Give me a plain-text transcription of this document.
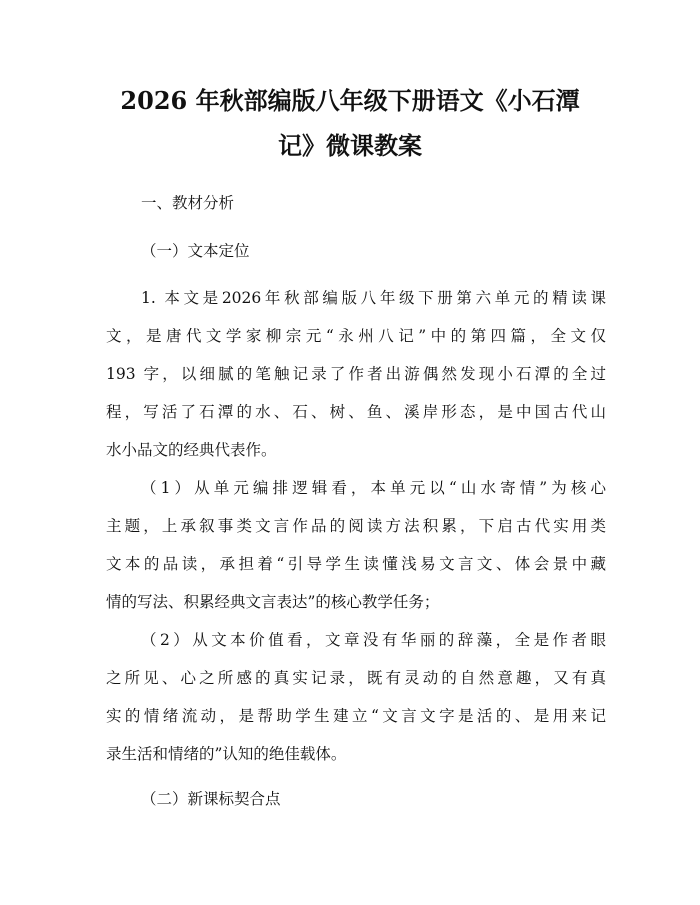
2026 年秋部编版八年级下册语文《小石潭
记》微课教案
一、教材分析
（一）文本定位
1. 本文是2026年秋部编版八年级下册第六单元的精读课
文，是唐代文学家柳宗元“永州八记”中的第四篇，全文仅
193 字，以细腻的笔触记录了作者出游偶然发现小石潭的全过
程，写活了石潭的水、石、树、鱼、溪岸形态，是中国古代山
水小品文的经典代表作。
（1）从单元编排逻辑看，本单元以“山水寄情”为核心
主题，上承叙事类文言作品的阅读方法积累，下启古代实用类
文本的品读，承担着“引导学生读懂浅易文言文、体会景中藏
情的写法、积累经典文言表达”的核心教学任务；
（2）从文本价值看，文章没有华丽的辞藻，全是作者眼
之所见、心之所感的真实记录，既有灵动的自然意趣，又有真
实的情绪流动，是帮助学生建立“文言文字是活的、是用来记
录生活和情绪的”认知的绝佳载体。
（二）新课标契合点
